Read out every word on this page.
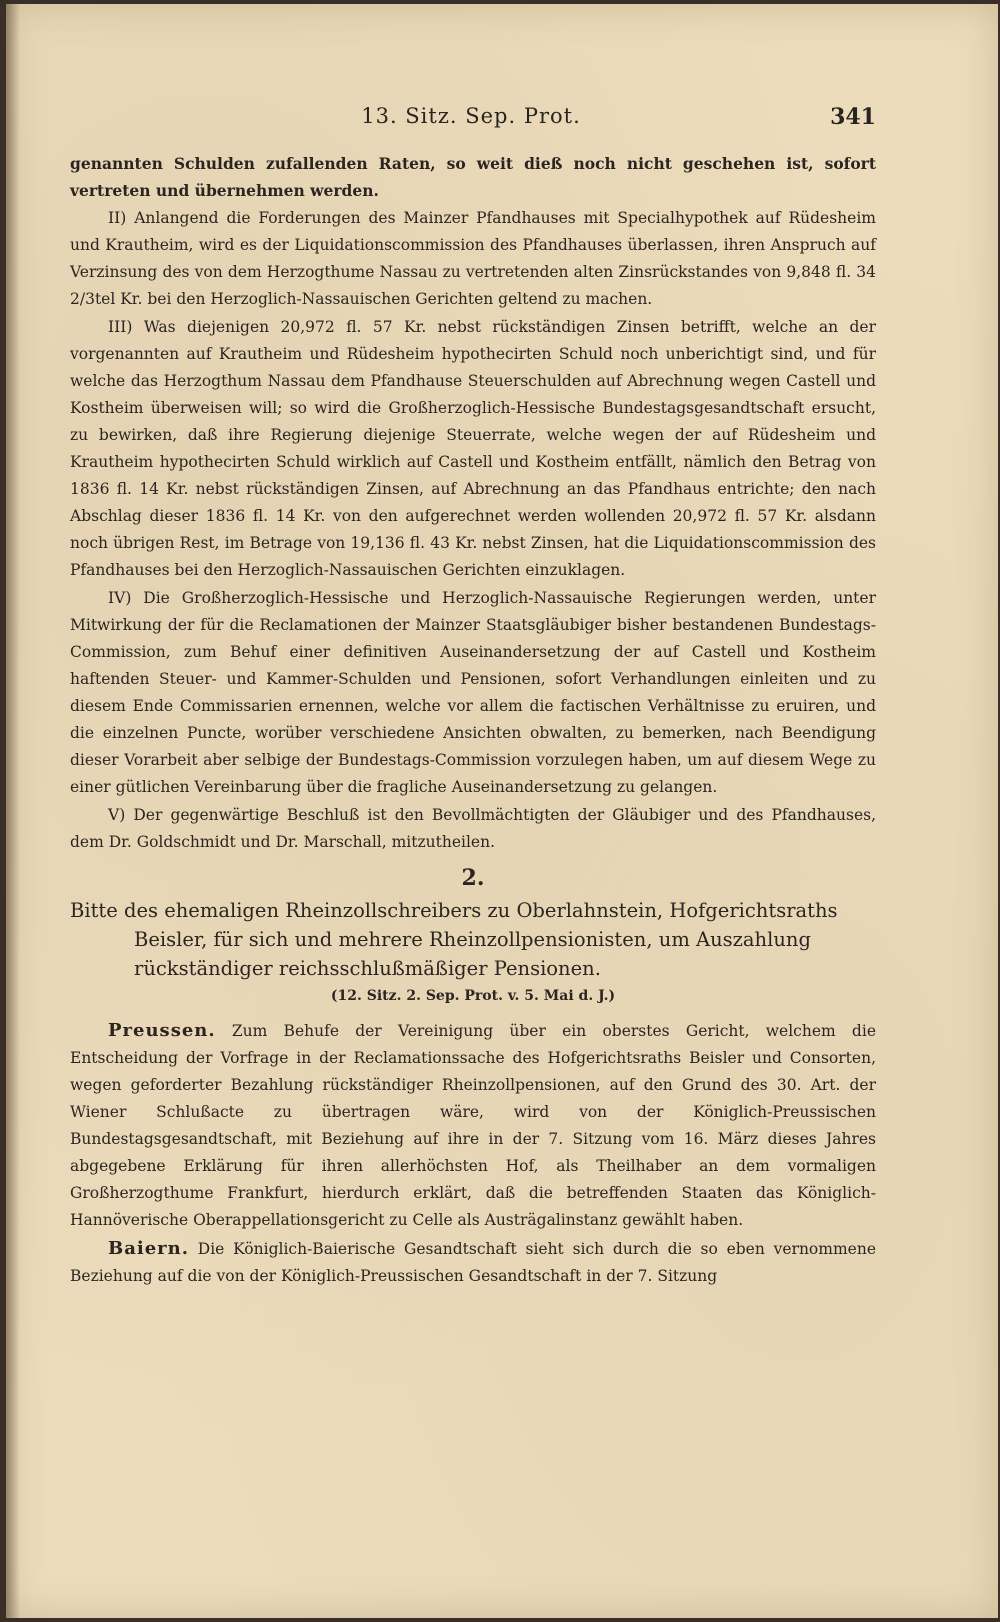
13. Sitz. Sep. Prot.	341

genannten Schulden zufallenden Raten, so weit dieß noch nicht geschehen ist, sofort vertreten und übernehmen werden.

II) Anlangend die Forderungen des Mainzer Pfandhauses mit Specialhypothek auf Rüdesheim und Krautheim, wird es der Liquidationscommission des Pfandhauses überlassen, ihren Anspruch auf Verzinsung des von dem Herzogthume Nassau zu vertretenden alten Zinsrückstandes von 9,848 fl. 34 2/3tel Kr. bei den Herzoglich-Nassauischen Gerichten geltend zu machen.

III) Was diejenigen 20,972 fl. 57 Kr. nebst rückständigen Zinsen betrifft, welche an der vorgenannten auf Krautheim und Rüdesheim hypothecirten Schuld noch unberichtigt sind, und für welche das Herzogthum Nassau dem Pfandhause Steuerschulden auf Abrechnung wegen Castell und Kostheim überweisen will; so wird die Großherzoglich-Hessische Bundestagsgesandtschaft ersucht, zu bewirken, daß ihre Regierung diejenige Steuerrate, welche wegen der auf Rüdesheim und Krautheim hypothecirten Schuld wirklich auf Castell und Kostheim entfällt, nämlich den Betrag von 1836 fl. 14 Kr. nebst rückständigen Zinsen, auf Abrechnung an das Pfandhaus entrichte; den nach Abschlag dieser 1836 fl. 14 Kr. von den aufgerechnet werden wollenden 20,972 fl. 57 Kr. alsdann noch übrigen Rest, im Betrage von 19,136 fl. 43 Kr. nebst Zinsen, hat die Liquidationscommission des Pfandhauses bei den Herzoglich-Nassauischen Gerichten einzuklagen.

IV) Die Großherzoglich-Hessische und Herzoglich-Nassauische Regierungen werden, unter Mitwirkung der für die Reclamationen der Mainzer Staatsgläubiger bisher bestandenen Bundestags-Commission, zum Behuf einer definitiven Auseinandersetzung der auf Castell und Kostheim haftenden Steuer- und Kammer-Schulden und Pensionen, sofort Verhandlungen einleiten und zu diesem Ende Commissarien ernennen, welche vor allem die factischen Verhältnisse zu eruiren, und die einzelnen Puncte, worüber verschiedene Ansichten obwalten, zu bemerken, nach Beendigung dieser Vorarbeit aber selbige der Bundestags-Commission vorzulegen haben, um auf diesem Wege zu einer gütlichen Vereinbarung über die fragliche Auseinandersetzung zu gelangen.

V) Der gegenwärtige Beschluß ist den Bevollmächtigten der Gläubiger und des Pfandhauses, dem Dr. Goldschmidt und Dr. Marschall, mitzutheilen.

2.
Bitte des ehemaligen Rheinzollschreibers zu Oberlahnstein, Hofgerichtsraths Beisler, für sich und mehrere Rheinzollpensionisten, um Auszahlung rückständiger reichsschlußmäßiger Pensionen.
(12. Sitz. 2. Sep. Prot. v. 5. Mai d. J.)

Preussen. Zum Behufe der Vereinigung über ein oberstes Gericht, welchem die Entscheidung der Vorfrage in der Reclamationssache des Hofgerichtsraths Beisler und Consorten, wegen geforderter Bezahlung rückständiger Rheinzollpensionen, auf den Grund des 30. Art. der Wiener Schlußacte zu übertragen wäre, wird von der Königlich-Preussischen Bundestagsgesandtschaft, mit Beziehung auf ihre in der 7. Sitzung vom 16. März dieses Jahres abgegebene Erklärung für ihren allerhöchsten Hof, als Theilhaber an dem vormaligen Großherzogthume Frankfurt, hierdurch erklärt, daß die betreffenden Staaten das Königlich-Hannöverische Oberappellationsgericht zu Celle als Austrägalinstanz gewählt haben.

Baiern. Die Königlich-Baierische Gesandtschaft sieht sich durch die so eben vernommene Beziehung auf die von der Königlich-Preussischen Gesandtschaft in der 7. Sitzung
